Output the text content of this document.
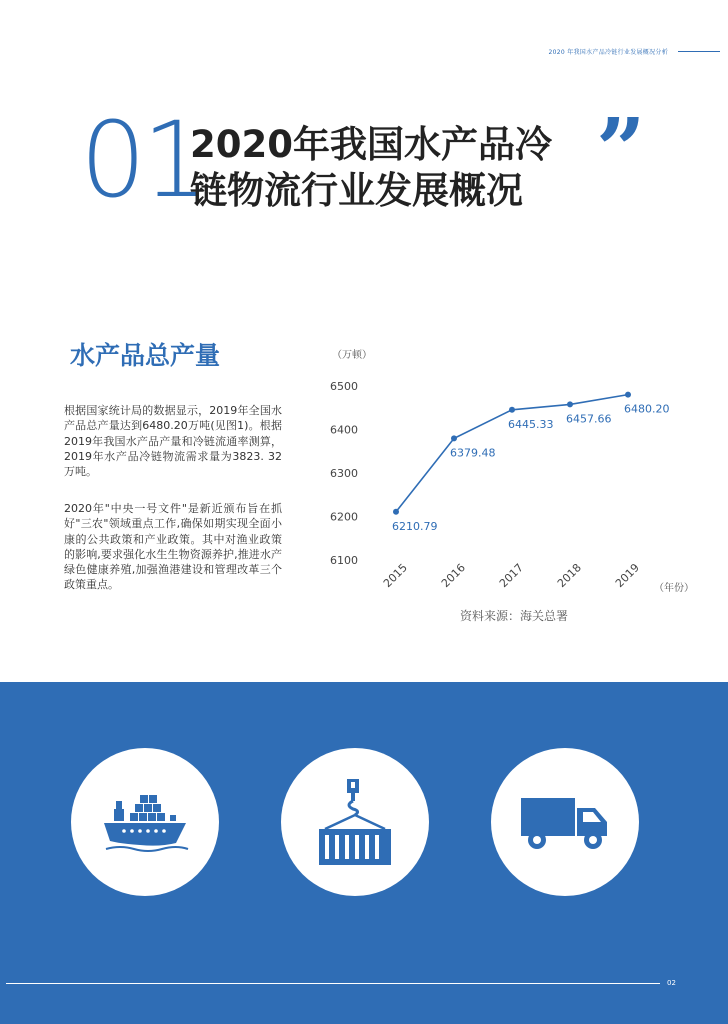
2020 年我国水产品冷链行业发展概况分析
01
2020年我国水产品冷
链物流行业发展概况 ”
水产品总产量
根据国家统计局的数据显示，2019年全国水产品总产量达到6480.20万吨(见图1)。根据2019年我国水产品产量和冷链流通率测算，2019年水产品冷链物流需求量为3823. 32万吨。
2020年"中央一号文件"是新近颁布旨在抓好"三农"领域重点工作,确保如期实现全面小康的公共政策和产业政策。其中对渔业政策的影响,要求强化水生生物资源养护,推进水产绿色健康养殖,加强渔港建设和管理改革三个政策重点。
（万顿）
6100
6200
6300
6400
6500
（年份）
6210.79
6379.48
6445.33 6457.66
6480.20
2015	2016	2017	2018	2019
资料来源：海关总署
02
